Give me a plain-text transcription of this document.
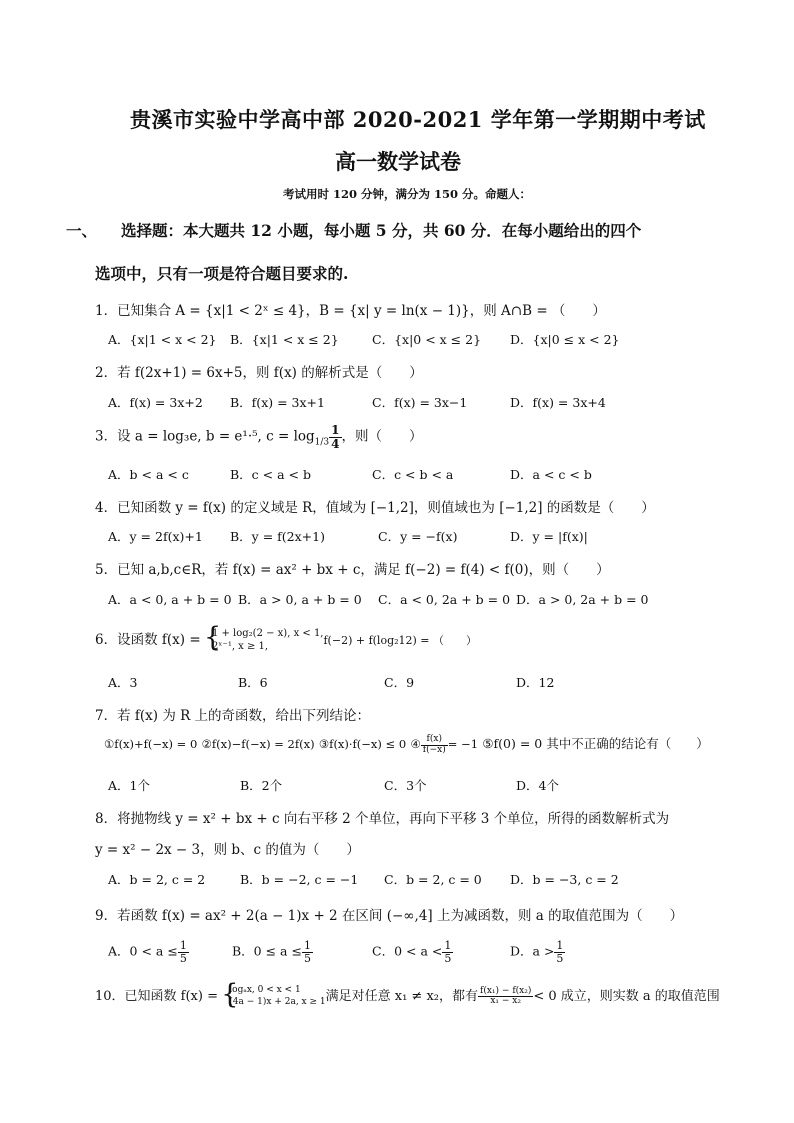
贵溪市实验中学高中部 2020-2021 学年第一学期期中考试
高一数学试卷
考试用时 120 分钟，满分为 150 分。命题人：
一、 选择题：本大题共 12 小题，每小题 5 分，共 60 分．在每小题给出的四个
选项中，只有一项是符合题目要求的.
1．已知集合 A = {x|1 < 2ˣ ≤ 4}，B = {x| y = ln(x − 1)}，则 A∩B = （　　）
A．{x|1 < x < 2} B．{x|1 < x ≤ 2}	C．{x|0 < x ≤ 2} D．{x|0 ≤ x < 2}
2．若 f(2x+1) = 6x+5，则 f(x) 的解析式是（　　）
A．f(x) = 3x+2 B．f(x) = 3x+1	C．f(x) = 3x−1	D．f(x) = 3x+4
3．设 a = log₃e, b = e¹·⁵, $c = \log_{1/3} \frac{1}{4}$ ，则（　　）
A．b < a < c	B．c < a < b	C．c < b < a	D．a < c < b
4．已知函数 y = f(x) 的定义域是 R，值域为 [−1,2]，则值域也为 [−1,2] 的函数是（　　）
A．y = 2f(x)+1 B．y = f(2x+1)	C．y = −f(x)	D．y = |f(x)|
5．已知 a,b,c∈R，若 f(x) = ax² + bx + c，满足 f(−2) = f(4) < f(0)，则（　　）
A．a < 0, a + b = 0 B．a > 0, a + b = 0 C．a < 0, 2a + b = 0 D．a > 0, 2a + b = 0
6．设函数 f(x) = { 1 + log₂(2 − x), x < 1,
2ˣ⁻¹, x ≥ 1,	f(−2) + f(log₂12) = （　　）
A．3	B．6	C．9	D．12
7．若 f(x) 为 R 上的奇函数，给出下列结论：
①f(x)+f(−x) = 0 ②f(x)−f(−x) = 2f(x) ③f(x)·f(−x) ≤ 0 ④ $\frac{f(x)}{f(-x)} = -1$ ⑤f(0) = 0 其中不正确的结论有（　　）
A．1个	B．2个	C．3个	D．4个
8．将抛物线 y = x² + bx + c 向右平移 2 个单位，再向下平移 3 个单位，所得的函数解析式为
y = x² − 2x − 3，则 b、c 的值为（　　）
A．b = 2, c = 2	B．b = −2, c = −1 C．b = 2, c = 0 D．b = −3, c = 2
9．若函数 f(x) = ax² + 2(a − 1)x + 2 在区间 (−∞,4] 上为减函数，则 a 的取值范围为（　　）
A．$0 < a \le \frac{1}{5}$	B．$0 \le a \le \frac{1}{5}$	C．$0 < a < \frac{1}{5}$	D．$a > \frac{1}{5}$
10．已知函数 f(x) = { logₐx, 0 < x < 1
(4a − 1)x + 2a, x ≥ 1 满足对任意 x₁ ≠ x₂，都有 $\frac{\text{f(x₁) − f(x₂)}}{\text{x₁ − x₂}} < 0$ 成立，则实数 a 的取值范围
